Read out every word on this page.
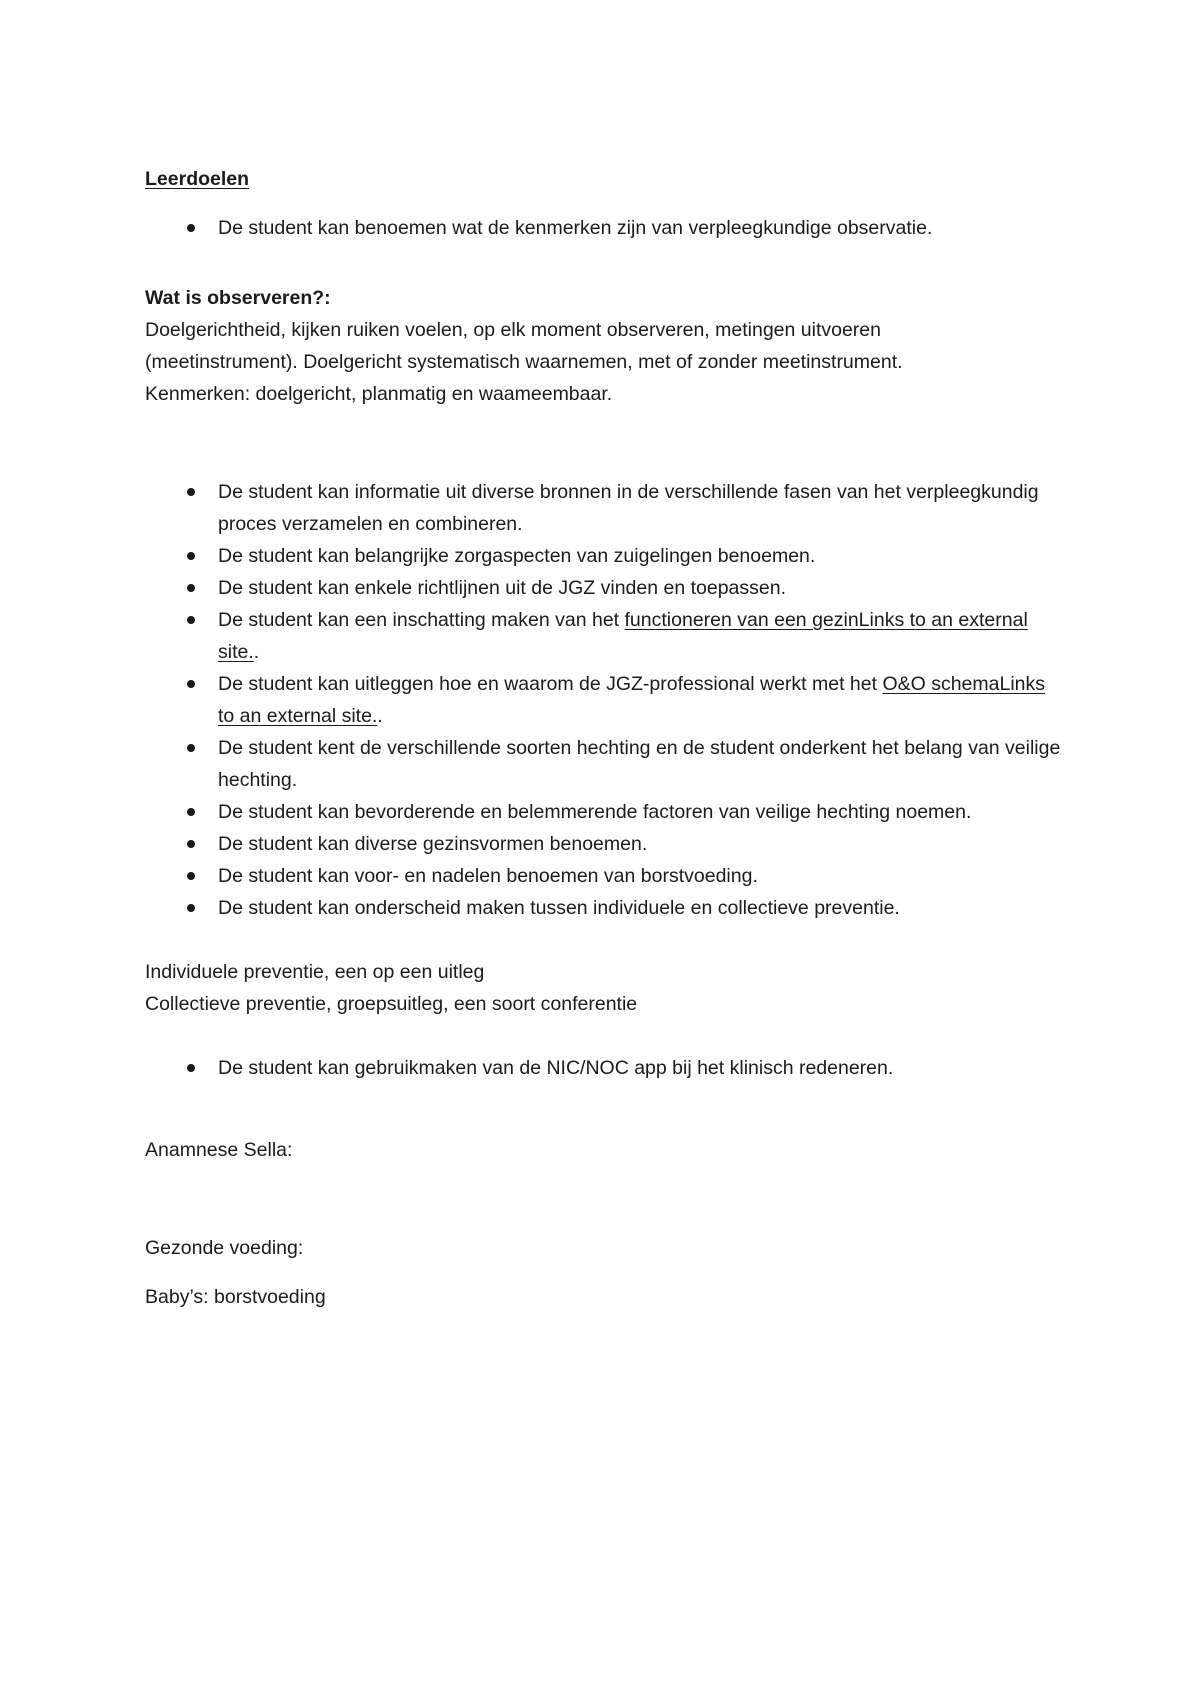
Leerdoelen

De student kan benoemen wat de kenmerken zijn van verpleegkundige observatie.

Wat is observeren?:

Doelgerichtheid, kijken ruiken voelen, op elk moment observeren, metingen uitvoeren

(meetinstrument). Doelgericht systematisch waarnemen, met of zonder meetinstrument.

Kenmerken: doelgericht, planmatig en waameembaar.

De student kan informatie uit diverse bronnen in de verschillende fasen van het verpleegkundig proces verzamelen en combineren.
De student kan belangrijke zorgaspecten van zuigelingen benoemen.
De student kan enkele richtlijnen uit de JGZ vinden en toepassen.
De student kan een inschatting maken van het functioneren van een gezinLinks to an external site..
De student kan uitleggen hoe en waarom de JGZ-professional werkt met het O&O schemaLinks to an external site..
De student kent de verschillende soorten hechting en de student onderkent het belang van veilige hechting.
De student kan bevorderende en belemmerende factoren van veilige hechting noemen.
De student kan diverse gezinsvormen benoemen.
De student kan voor- en nadelen benoemen van borstvoeding.
De student kan onderscheid maken tussen individuele en collectieve preventie.

Individuele preventie, een op een uitleg

Collectieve preventie, groepsuitleg, een soort conferentie

De student kan gebruikmaken van de NIC/NOC app bij het klinisch redeneren.

Anamnese Sella:

Gezonde voeding:

Baby’s: borstvoeding
